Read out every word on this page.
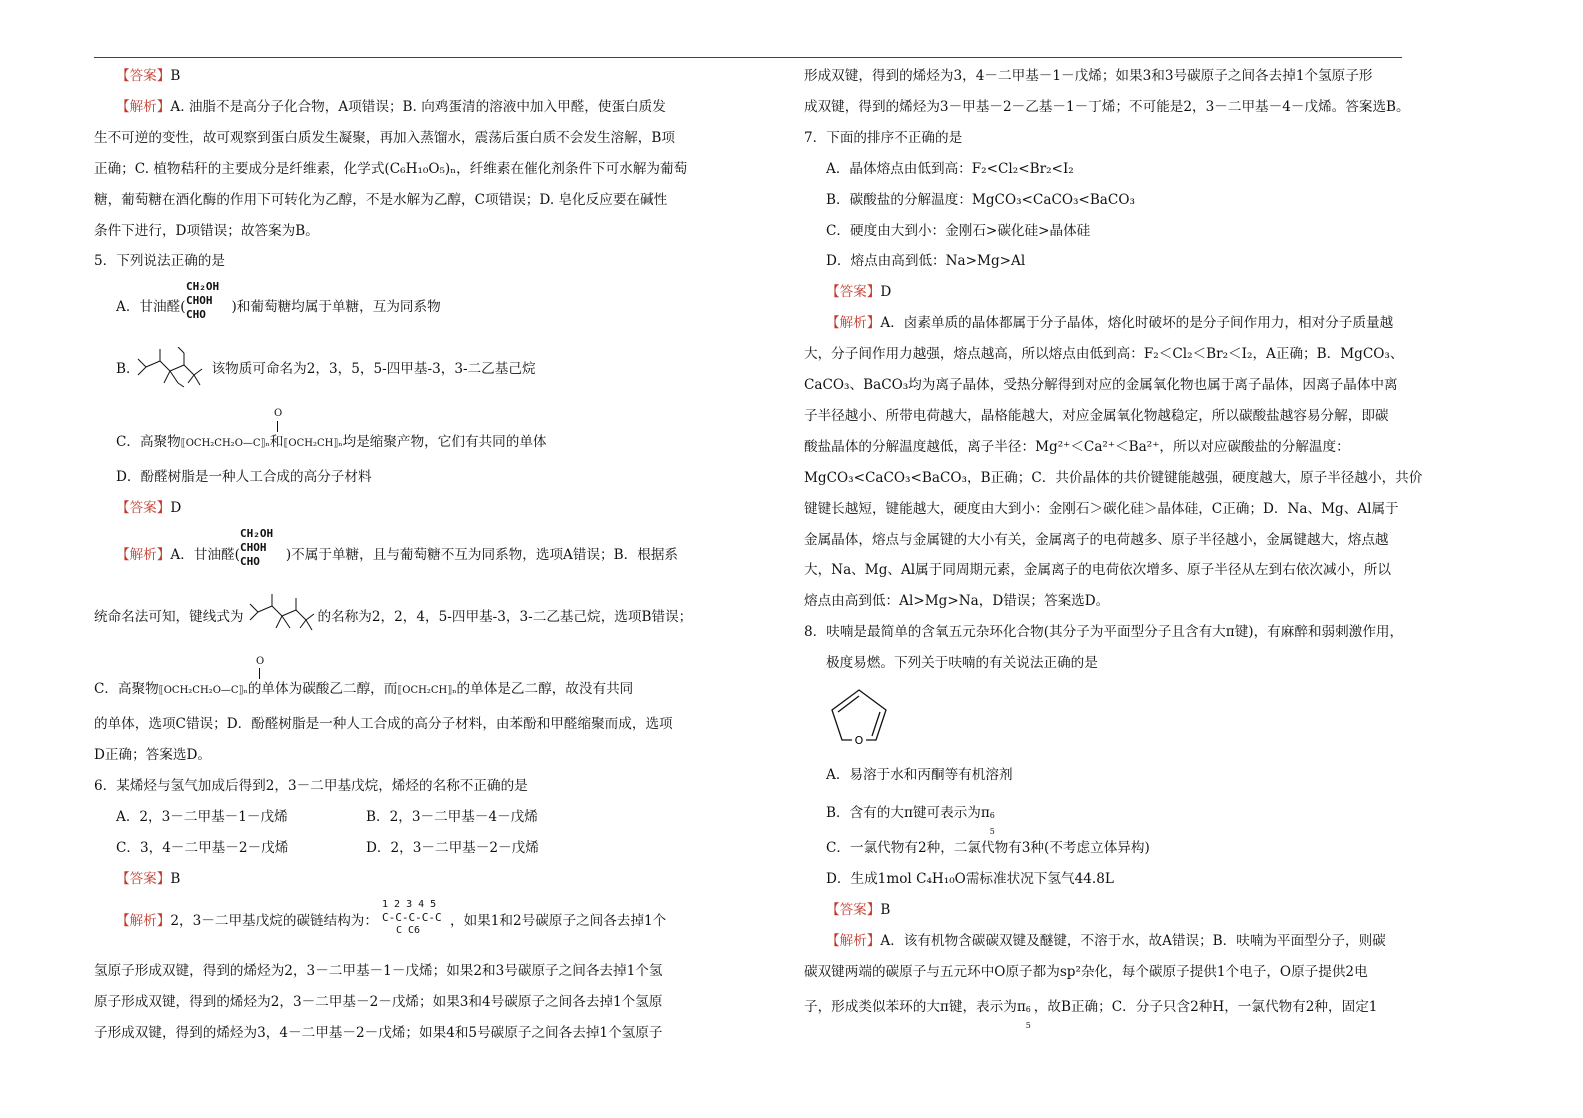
【答案】B
【解析】A. 油脂不是高分子化合物，A项错误；B. 向鸡蛋清的溶液中加入甲醛，使蛋白质发
生不可逆的变性，故可观察到蛋白质发生凝聚，再加入蒸馏水，震荡后蛋白质不会发生溶解，B项
正确；C. 植物秸秆的主要成分是纤维素，化学式(C₆H₁₀O₅)ₙ，纤维素在催化剂条件下可水解为葡萄
糖，葡萄糖在酒化酶的作用下可转化为乙醇，不是水解为乙醇，C项错误；D. 皂化反应要在碱性
条件下进行，D项错误；故答案为B。
5．下列说法正确的是
CH₂OH
CHOH
CHO
A．甘油醛(	)和葡萄糖均属于单糖，互为同系物
B．	该物质可命名为2，3，5，5-四甲基-3，3-二乙基己烷
O
C．高聚物⟦OCH₂CH₂O—C⟧ₙ和⟦OCH₂CH⟧ₙ均是缩聚产物，它们有共同的单体
D．酚醛树脂是一种人工合成的高分子材料
【答案】D
CH₂OH
CHOH
CHO
【解析】A．甘油醛(	)不属于单糖，且与葡萄糖不互为同系物，选项A错误；B．根据系
统命名法可知，键线式为	的名称为2，2，4，5-四甲基-3，3-二乙基己烷，选项B错误；
O
C．高聚物⟦OCH₂CH₂O—C⟧ₙ的单体为碳酸乙二醇，而⟦OCH₂CH⟧ₙ的单体是乙二醇，故没有共同
的单体，选项C错误；D．酚醛树脂是一种人工合成的高分子材料，由苯酚和甲醛缩聚而成，选项
D正确；答案选D。
6．某烯烃与氢气加成后得到2，3－二甲基戊烷，烯烃的名称不正确的是
A．2，3－二甲基－1－戊烯	B．2，3－二甲基－4－戊烯
C．3，4－二甲基－2－戊烯	D．2，3－二甲基－2－戊烯
【答案】B
1 2 3 4 5
C-C-C-C-C
C C6
【解析】2，3－二甲基戊烷的碳链结构为：	，如果1和2号碳原子之间各去掉1个
氢原子形成双键，得到的烯烃为2，3－二甲基－1－戊烯；如果2和3号碳原子之间各去掉1个氢
原子形成双键，得到的烯烃为2，3－二甲基－2－戊烯；如果3和4号碳原子之间各去掉1个氢原
子形成双键，得到的烯烃为3，4－二甲基－2－戊烯；如果4和5号碳原子之间各去掉1个氢原子
形成双键，得到的烯烃为3，4－二甲基－1－戊烯；如果3和3号碳原子之间各去掉1个氢原子形
成双键，得到的烯烃为3－甲基－2－乙基－1－丁烯；不可能是2，3－二甲基－4－戊烯。答案选B。
7．下面的排序不正确的是
A．晶体熔点由低到高：F₂<Cl₂<Br₂<I₂
B．碳酸盐的分解温度：MgCO₃<CaCO₃<BaCO₃
C．硬度由大到小：金刚石>碳化硅>晶体硅
D．熔点由高到低：Na>Mg>Al
【答案】D
【解析】A．卤素单质的晶体都属于分子晶体，熔化时破坏的是分子间作用力，相对分子质量越
大，分子间作用力越强，熔点越高，所以熔点由低到高：F₂＜Cl₂＜Br₂＜I₂，A正确；B．MgCO₃、
CaCO₃、BaCO₃均为离子晶体，受热分解得到对应的金属氧化物也属于离子晶体，因离子晶体中离
子半径越小、所带电荷越大，晶格能越大，对应金属氧化物越稳定，所以碳酸盐越容易分解，即碳
酸盐晶体的分解温度越低，离子半径：Mg²⁺＜Ca²⁺＜Ba²⁺，所以对应碳酸盐的分解温度：
MgCO₃<CaCO₃<BaCO₃，B正确；C．共价晶体的共价键键能越强，硬度越大，原子半径越小，共价
键键长越短，键能越大，硬度由大到小：金刚石＞碳化硅＞晶体硅，C正确；D．Na、Mg、Al属于
金属晶体，熔点与金属键的大小有关，金属离子的电荷越多、原子半径越小，金属键越大，熔点越
大，Na、Mg、Al属于同周期元素，金属离子的电荷依次增多、原子半径从左到右依次减小，所以
熔点由高到低：Al>Mg>Na，D错误；答案选D。
8．呋喃是最简单的含氧五元杂环化合物(其分子为平面型分子且含有大π键)，有麻醉和弱刺激作用，
极度易燃。下列关于呋喃的有关说法正确的是
O
A．易溶于水和丙酮等有机溶剂
B．含有的大π键可表示为π 6
5
C．一氯代物有2种，二氯代物有3种(不考虑立体异构)
D．生成1mol C₄H₁₀O需标准状况下氢气44.8L
【答案】B
【解析】A．该有机物含碳碳双键及醚键，不溶于水，故A错误；B．呋喃为平面型分子，则碳
碳双键两端的碳原子与五元环中O原子都为sp²杂化，每个碳原子提供1个电子，O原子提供2电
子，形成类似苯环的大π键，表示为π 6
5
，故B正确；C．分子只含2种H，一氯代物有2种，固定1
